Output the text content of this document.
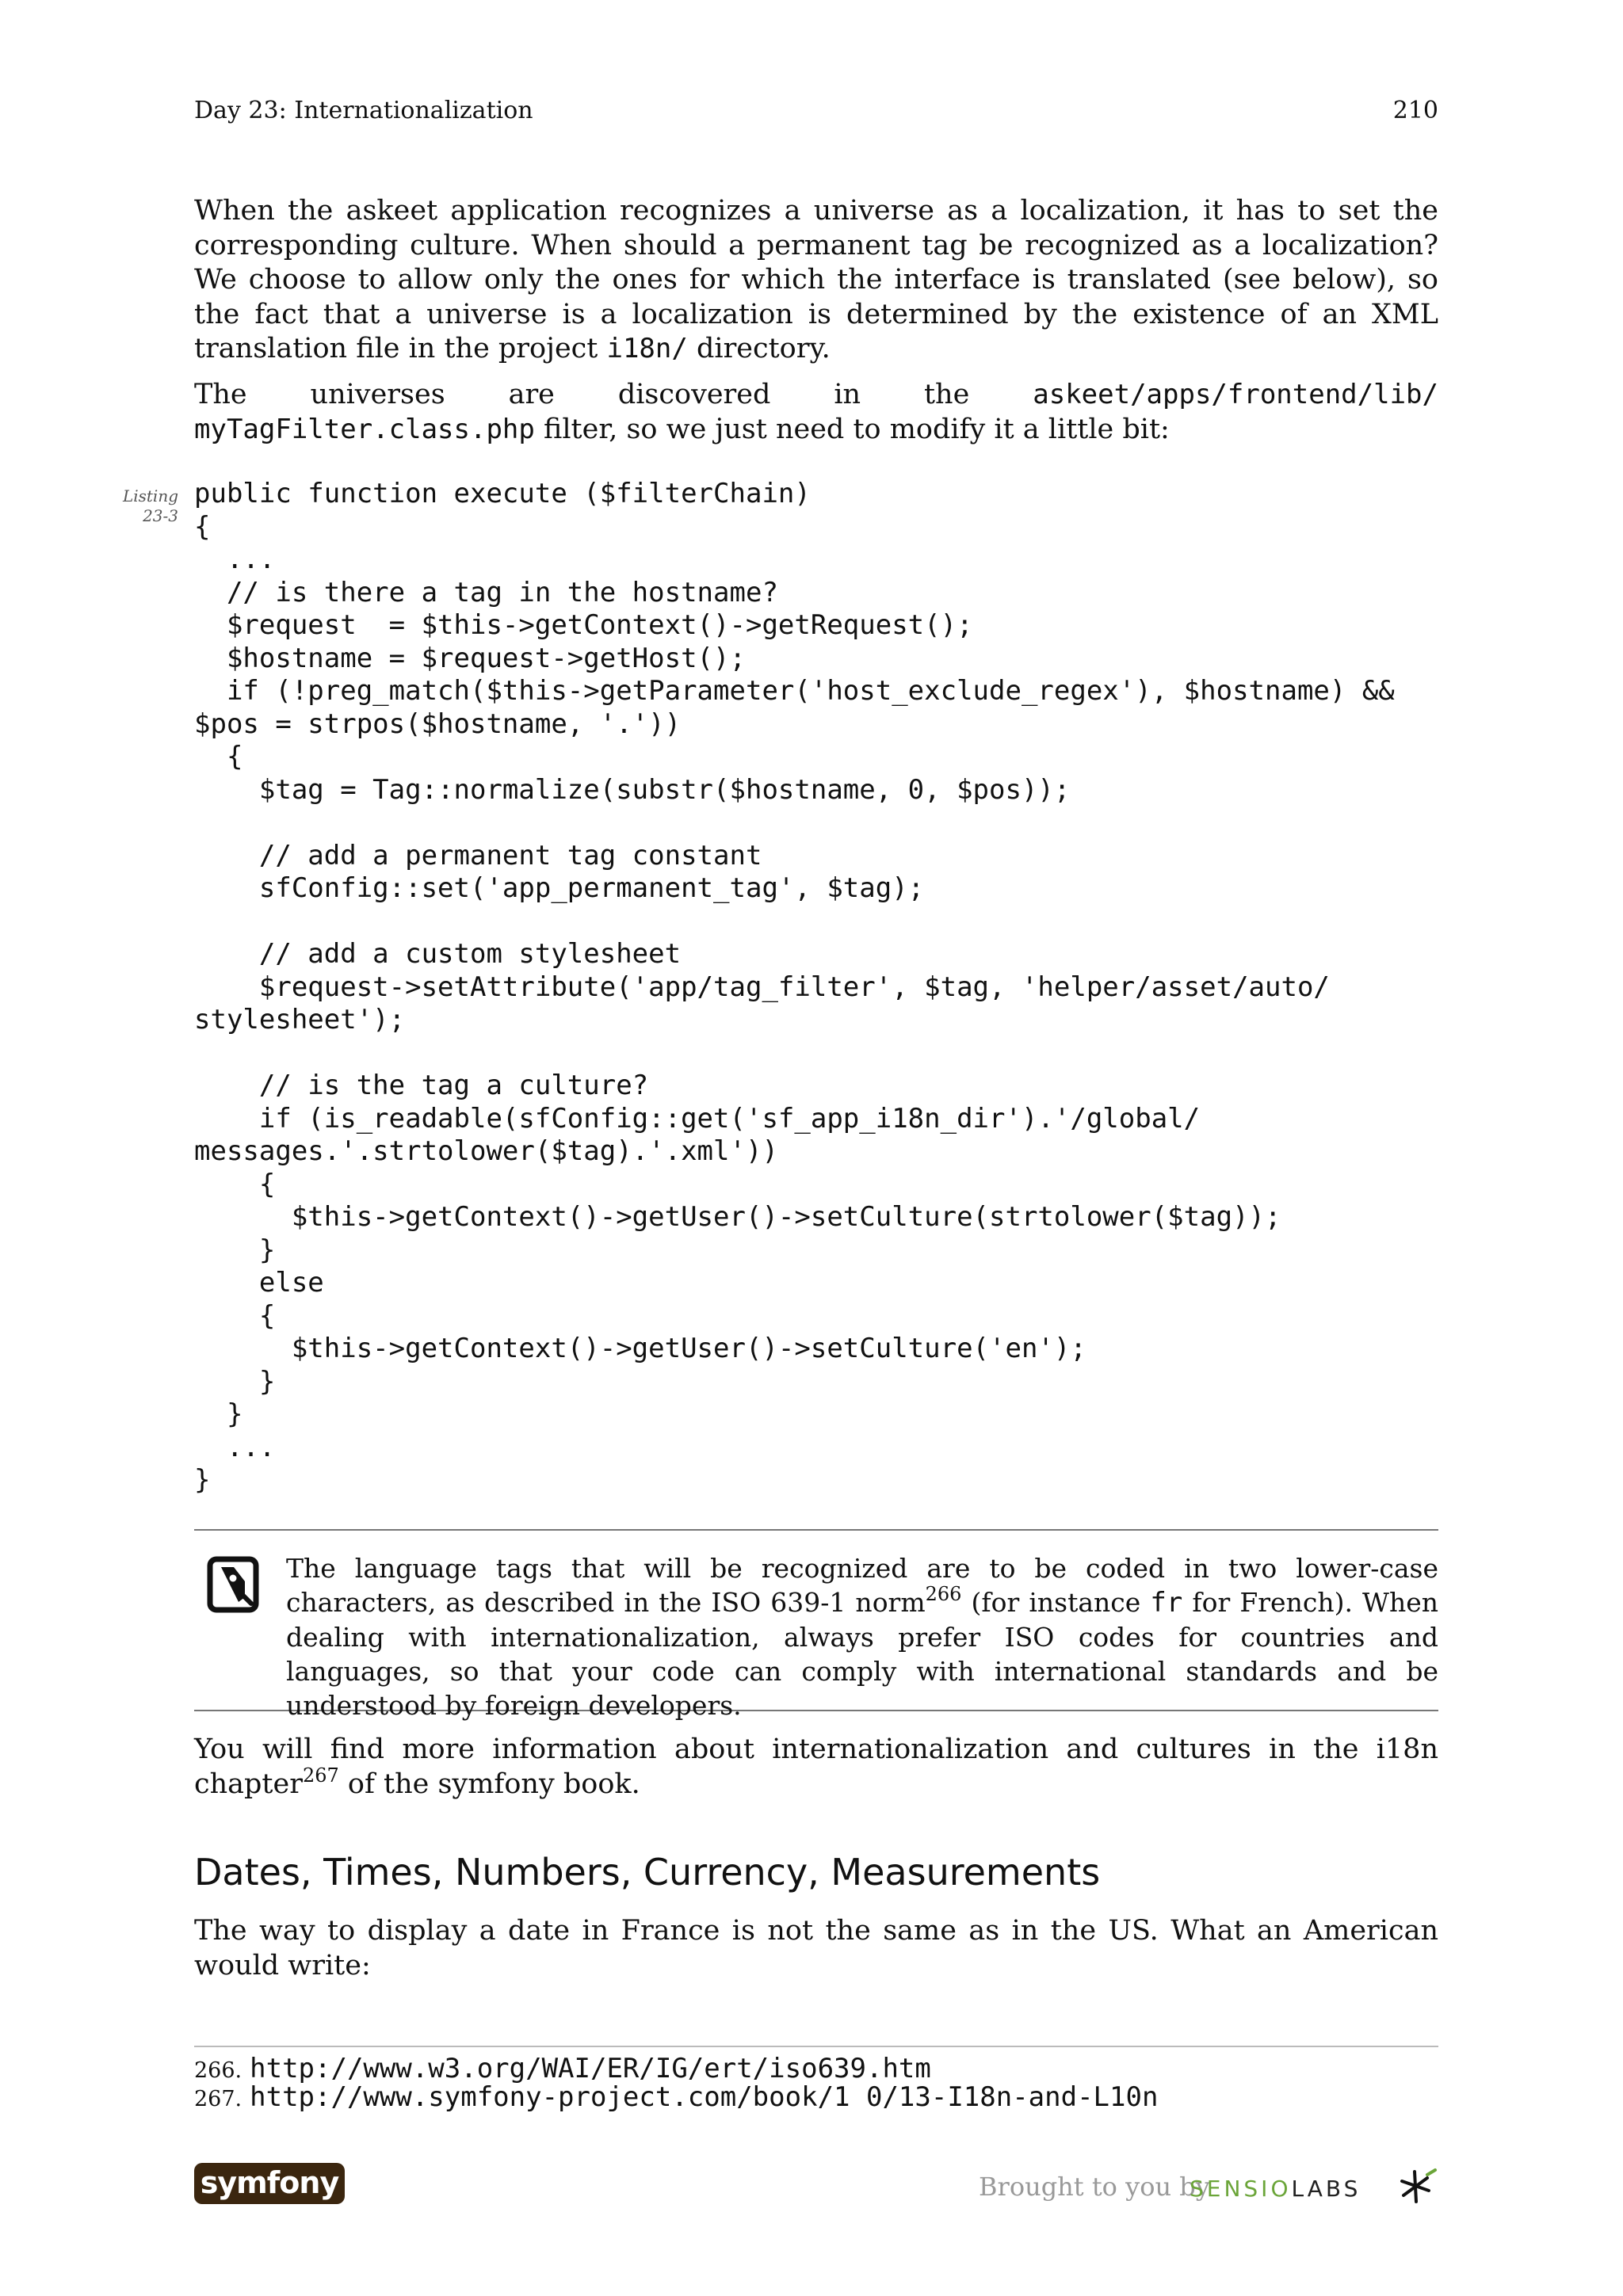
Day 23: Internationalization	210

When the askeet application recognizes a universe as a localization, it has to set the corresponding culture. When should a permanent tag be recognized as a localization? We choose to allow only the ones for which the interface is translated (see below), so the fact that a universe is a localization is determined by the existence of an XML translation file in the project i18n/ directory.

The universes are discovered in the askeet/apps/frontend/lib/
myTagFilter.class.php filter, so we just need to modify it a little bit:

Listing
23-3
public function execute ($filterChain)
{
...
// is there a tag in the hostname?
$request  = $this->getContext()->getRequest();
$hostname = $request->getHost();
if (!preg_match($this->getParameter('host_exclude_regex'), $hostname) &&
$pos = strpos($hostname, '.'))
{
$tag = Tag::normalize(substr($hostname, 0, $pos));

// add a permanent tag constant
sfConfig::set('app_permanent_tag', $tag);

// add a custom stylesheet
$request->setAttribute('app/tag_filter', $tag, 'helper/asset/auto/
stylesheet');

// is the tag a culture?
if (is_readable(sfConfig::get('sf_app_i18n_dir').'/global/
messages.'.strtolower($tag).'.xml'))
{
$this->getContext()->getUser()->setCulture(strtolower($tag));
}
else
{
$this->getContext()->getUser()->setCulture('en');
}
}
...
}

The language tags that will be recognized are to be coded in two lower-case characters, as described in the ISO 639-1 norm$^{266}$ (for instance fr for French). When dealing with internationalization, always prefer ISO codes for countries and languages, so that your code can comply with international standards and be understood by foreign developers.

You will find more information about internationalization and cultures in the i18n chapter$^{267}$ of the symfony book.

Dates, Times, Numbers, Currency, Measurements

The way to display a date in France is not the same as in the US. What an American would write:

266. http://www.w3.org/WAI/ER/IG/ert/iso639.htm
267. http://www.symfony-project.com/book/1 0/13-I18n-and-L10n
symfony	Brought to you by
SENSIOLABS
